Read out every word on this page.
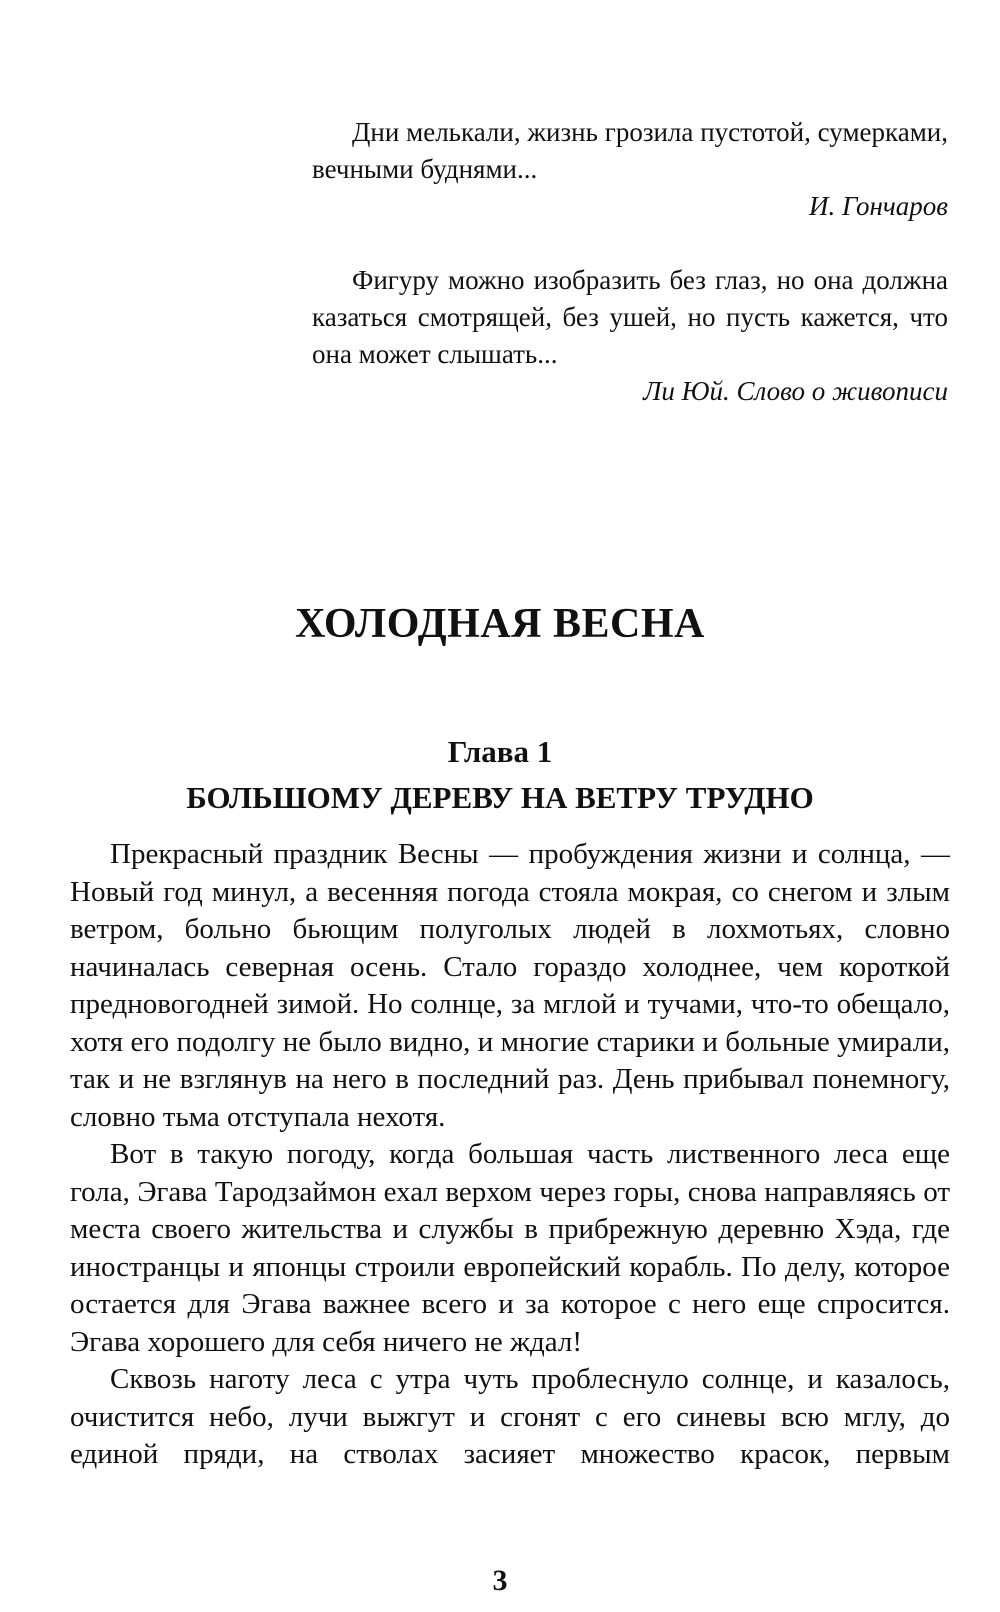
Дни мелькали, жизнь грозила пустотой, сумерками, вечными буднями...

И. Гончаров

Фигуру можно изобразить без глаз, но она должна казаться смотрящей, без ушей, но пусть кажется, что она может слышать...

Ли Юй. Слово о живописи
ХОЛОДНАЯ ВЕСНА
Глава 1
БОЛЬШОМУ ДЕРЕВУ НА ВЕТРУ ТРУДНО

Прекрасный праздник Весны — пробуждения жизни и солнца, — Новый год минул, а весенняя погода стояла мокрая, со снегом и злым ветром, больно бьющим полуголых людей в лохмотьях, словно начиналась северная осень. Стало гораздо холоднее, чем короткой предновогодней зимой. Но солнце, за мглой и тучами, что-то обещало, хотя его подолгу не было видно, и многие старики и больные умирали, так и не взглянув на него в последний раз. День прибывал понемногу, словно тьма отступала нехотя.

Вот в такую погоду, когда большая часть лиственного леса еще гола, Эгава Тародзаймон ехал верхом через горы, снова направляясь от места своего жительства и службы в прибрежную деревню Хэда, где иностранцы и японцы строили европейский корабль. По делу, которое остается для Эгава важнее всего и за которое с него еще спросится. Эгава хорошего для себя ничего не ждал!

Сквозь наготу леса с утра чуть проблеснуло солнце, и казалось, очистится небо, лучи выжгут и сгонят с его синевы всю мглу, до единой пряди, на стволах засияет множество красок, первым

3
